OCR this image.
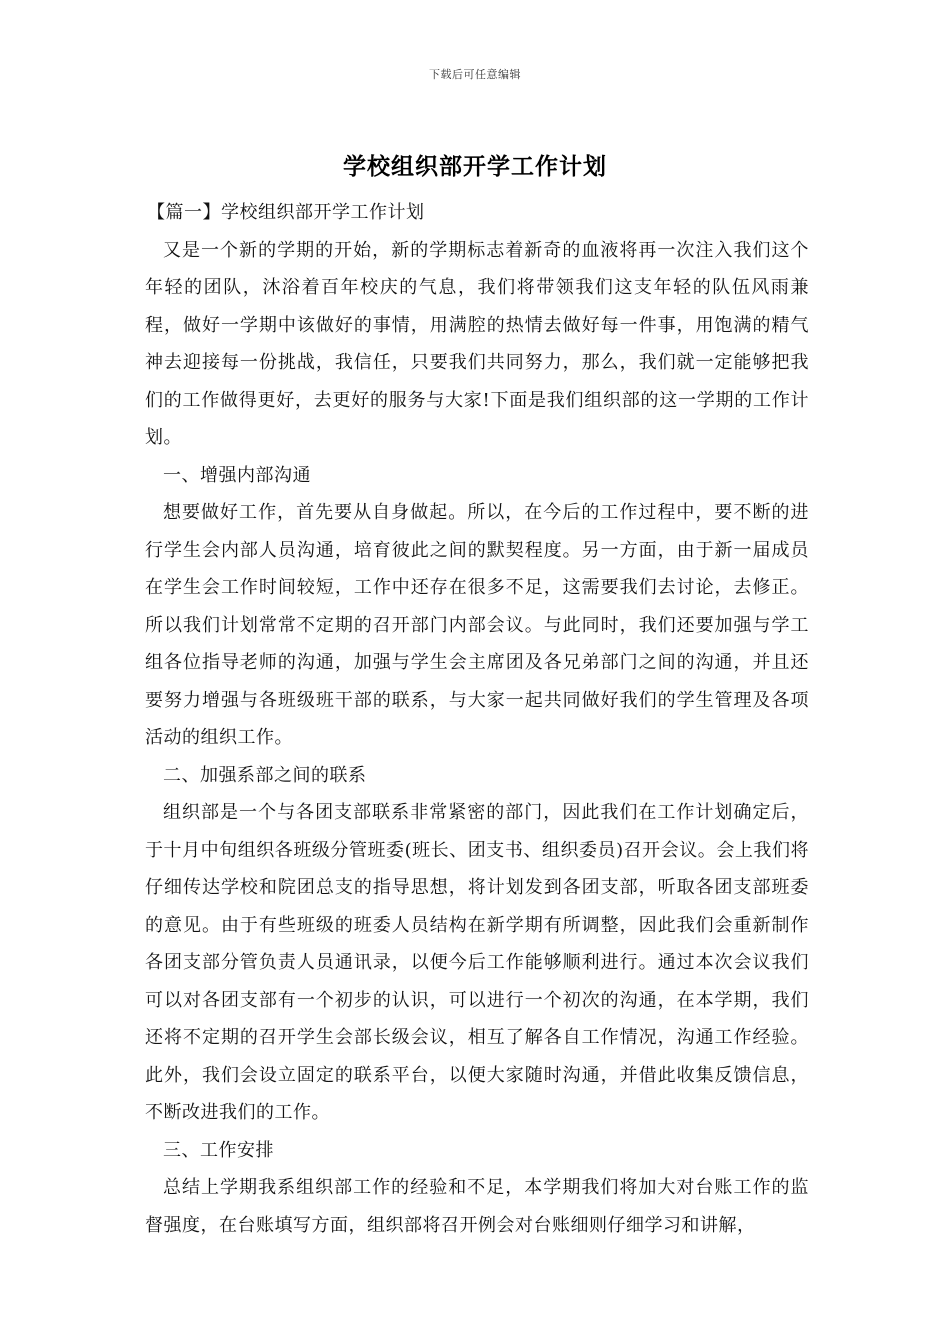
下载后可任意编辑
学校组织部开学工作计划

【篇一】学校组织部开学工作计划

又是一个新的学期的开始，新的学期标志着新奇的血液将再一次注入我们这个年轻的团队，沐浴着百年校庆的气息，我们将带领我们这支年轻的队伍风雨兼程，做好一学期中该做好的事情，用满腔的热情去做好每一件事，用饱满的精气神去迎接每一份挑战，我信任，只要我们共同努力，那么，我们就一定能够把我们的工作做得更好，去更好的服务与大家!下面是我们组织部的这一学期的工作计划。

一、增强内部沟通

想要做好工作，首先要从自身做起。所以，在今后的工作过程中，要不断的进行学生会内部人员沟通，培育彼此之间的默契程度。另一方面，由于新一届成员在学生会工作时间较短，工作中还存在很多不足，这需要我们去讨论，去修正。所以我们计划常常不定期的召开部门内部会议。与此同时，我们还要加强与学工组各位指导老师的沟通，加强与学生会主席团及各兄弟部门之间的沟通，并且还要努力增强与各班级班干部的联系，与大家一起共同做好我们的学生管理及各项活动的组织工作。

二、加强系部之间的联系

组织部是一个与各团支部联系非常紧密的部门，因此我们在工作计划确定后，于十月中旬组织各班级分管班委(班长、团支书、组织委员)召开会议。会上我们将仔细传达学校和院团总支的指导思想，将计划发到各团支部，听取各团支部班委的意见。由于有些班级的班委人员结构在新学期有所调整，因此我们会重新制作各团支部分管负责人员通讯录，以便今后工作能够顺利进行。通过本次会议我们可以对各团支部有一个初步的认识，可以进行一个初次的沟通，在本学期，我们还将不定期的召开学生会部长级会议，相互了解各自工作情况，沟通工作经验。此外，我们会设立固定的联系平台，以便大家随时沟通，并借此收集反馈信息，不断改进我们的工作。

三、工作安排

总结上学期我系组织部工作的经验和不足，本学期我们将加大对台账工作的监督强度，在台账填写方面，组织部将召开例会对台账细则仔细学习和讲解，
